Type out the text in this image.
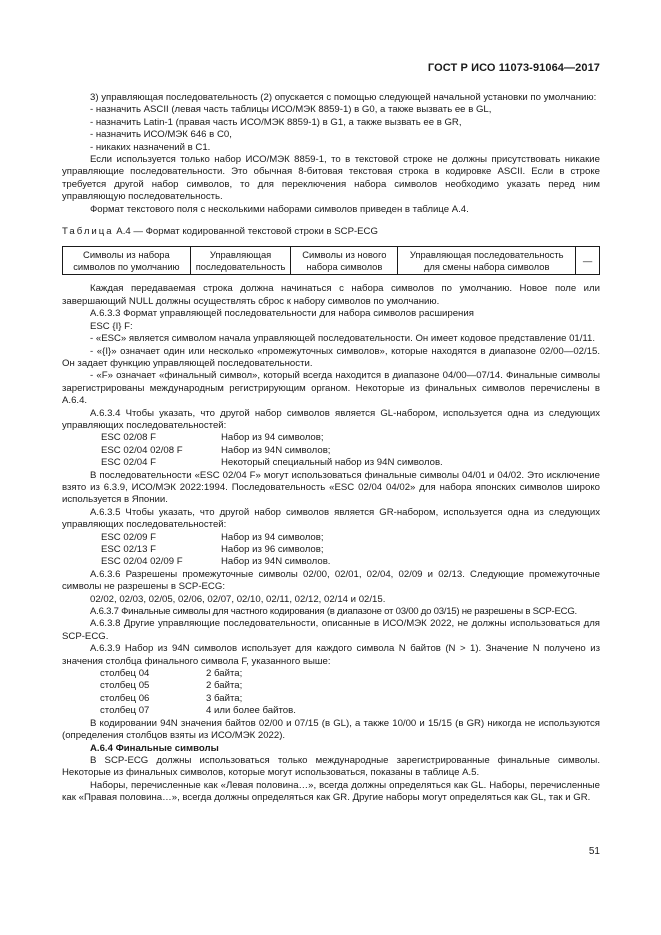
ГОСТ Р ИСО 11073-91064—2017

3) управляющая последовательность (2) опускается с помощью следующей начальной установки по умолчанию:

- назначить ASCII (левая часть таблицы ИСО/МЭК 8859-1) в G0, а также вызвать ее в GL,

- назначить Latin-1 (правая часть ИСО/МЭК 8859-1) в G1, а также вызвать ее в GR,

- назначить ИСО/МЭК 646 в C0,

- никаких назначений в C1.

Если используется только набор ИСО/МЭК 8859-1, то в текстовой строке не должны присутствовать никакие управляющие последовательности. Это обычная 8-битовая текстовая строка в кодировке ASCII. Если в строке требуется другой набор символов, то для переключения набора символов необходимо указать перед ним управляющую последовательность.

Формат текстового поля с несколькими наборами символов приведен в таблице A.4.

Таблица A.4 — Формат кодированной текстовой строки в SCP-ECG

Символы из набора символов по умолчанию	Управляющая последовательность	Символы из нового набора символов	Управляющая последовательность для смены набора символов	—

Каждая передаваемая строка должна начинаться с набора символов по умолчанию. Новое поле или завершающий NULL должны осуществлять сброс к набору символов по умолчанию.

A.6.3.3 Формат управляющей последовательности для набора символов расширения

ESC {I} F:

- «ESC» является символом начала управляющей последовательности. Он имеет кодовое представление 01/11.

- «{I}» означает один или несколько «промежуточных символов», которые находятся в диапазоне 02/00—02/15. Он задает функцию управляющей последовательности.

- «F» означает «финальный символ», который всегда находится в диапазоне 04/00—07/14. Финальные символы зарегистрированы международным регистрирующим органом. Некоторые из финальных символов перечислены в A.6.4.

A.6.3.4 Чтобы указать, что другой набор символов является GL-набором, используется одна из следующих управляющих последовательностей:

ESC 02/08 F	Набор из 94 символов;
ESC 02/04 02/08 F	Набор из 94N символов;
ESC 02/04 F	Некоторый специальный набор из 94N символов.

В последовательности «ESC 02/04 F» могут использоваться финальные символы 04/01 и 04/02. Это исключение взято из 6.3.9, ИСО/МЭК 2022:1994. Последовательность «ESC 02/04 04/02» для набора японских символов широко используется в Японии.

A.6.3.5 Чтобы указать, что другой набор символов является GR-набором, используется одна из следующих управляющих последовательностей:

ESC 02/09 F	Набор из 94 символов;
ESC 02/13 F	Набор из 96 символов;
ESC 02/04 02/09 F	Набор из 94N символов.

A.6.3.6 Разрешены промежуточные символы 02/00, 02/01, 02/04, 02/09 и 02/13. Следующие промежуточные символы не разрешены в SCP-ECG:

02/02, 02/03, 02/05, 02/06, 02/07, 02/10, 02/11, 02/12, 02/14 и 02/15.

A.6.3.7 Финальные символы для частного кодирования (в диапазоне от 03/00 до 03/15) не разрешены в SCP-ECG.

A.6.3.8 Другие управляющие последовательности, описанные в ИСО/МЭК 2022, не должны использоваться для SCP-ECG.

A.6.3.9 Набор из 94N символов использует для каждого символа N байтов (N > 1). Значение N получено из значения столбца финального символа F, указанного выше:

столбец 04	2 байта;
столбец 05	2 байта;
столбец 06	3 байта;
столбец 07	4 или более байтов.

В кодировании 94N значения байтов 02/00 и 07/15 (в GL), а также 10/00 и 15/15 (в GR) никогда не используются (определения столбцов взяты из ИСО/МЭК 2022).

A.6.4 Финальные символы

В SCP-ECG должны использоваться только международные зарегистрированные финальные символы. Некоторые из финальных символов, которые могут использоваться, показаны в таблице A.5.

Наборы, перечисленные как «Левая половина…», всегда должны определяться как GL. Наборы, перечисленные как «Правая половина…», всегда должны определяться как GR. Другие наборы могут определяться как GL, так и GR.

51
